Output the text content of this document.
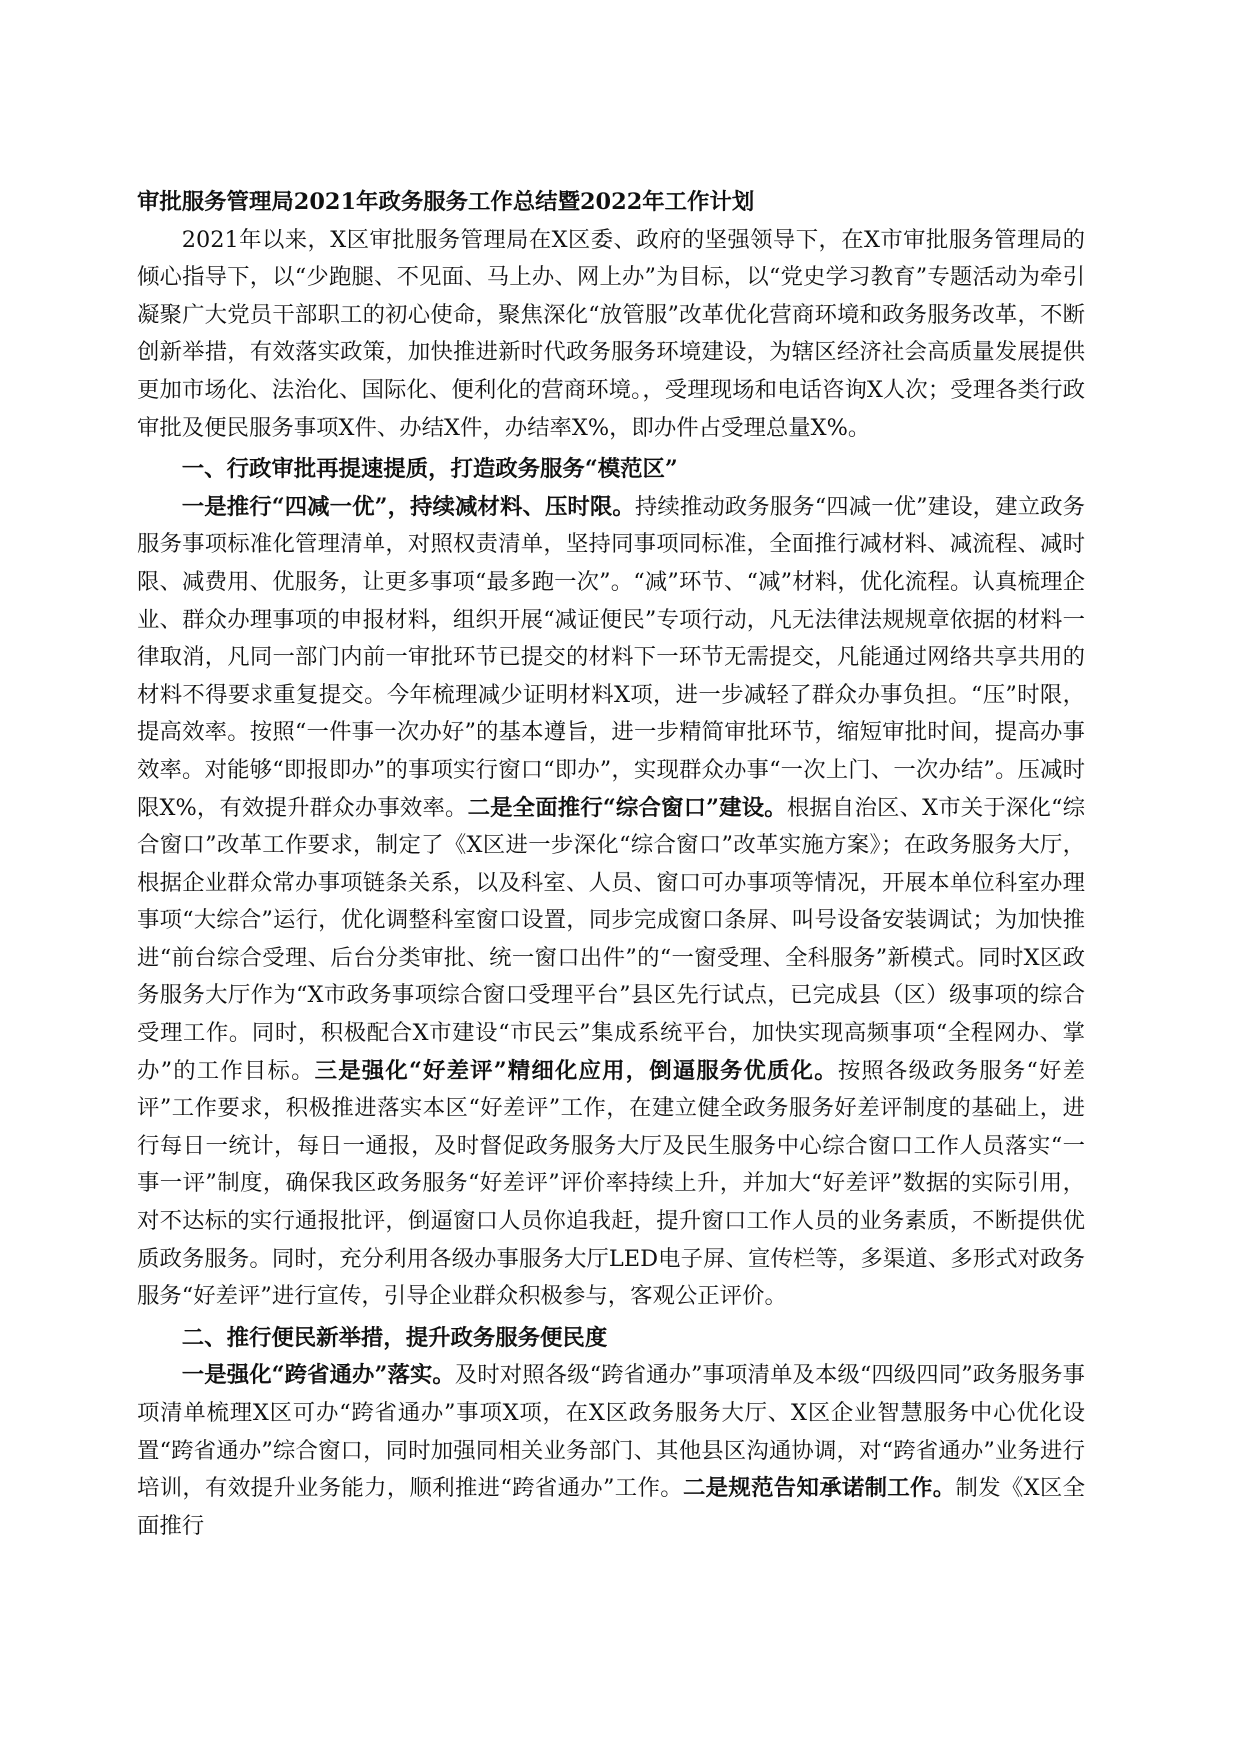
审批服务管理局2021年政务服务工作总结暨2022年工作计划

2021年以来，X区审批服务管理局在X区委、政府的坚强领导下，在X市审批服务管理局的倾心指导下，以“少跑腿、不见面、马上办、网上办”为目标，以“党史学习教育”专题活动为牵引凝聚广大党员干部职工的初心使命，聚焦深化“放管服”改革优化营商环境和政务服务改革，不断创新举措，有效落实政策，加快推进新时代政务服务环境建设，为辖区经济社会高质量发展提供更加市场化、法治化、国际化、便利化的营商环境。，受理现场和电话咨询X人次；受理各类行政审批及便民服务事项X件、办结X件，办结率X%，即办件占受理总量X%。

一、行政审批再提速提质，打造政务服务“模范区”

一是推行“四减一优”，持续减材料、压时限。持续推动政务服务“四减一优”建设，建立政务服务事项标准化管理清单，对照权责清单，坚持同事项同标准，全面推行减材料、减流程、减时限、减费用、优服务，让更多事项“最多跑一次”。“减”环节、“减”材料，优化流程。认真梳理企业、群众办理事项的申报材料，组织开展“减证便民”专项行动，凡无法律法规规章依据的材料一律取消，凡同一部门内前一审批环节已提交的材料下一环节无需提交，凡能通过网络共享共用的材料不得要求重复提交。今年梳理减少证明材料X项，进一步减轻了群众办事负担。“压”时限，提高效率。按照“一件事一次办好”的基本遵旨，进一步精简审批环节，缩短审批时间，提高办事效率。对能够“即报即办”的事项实行窗口“即办”，实现群众办事“一次上门、一次办结”。压减时限X%，有效提升群众办事效率。二是全面推行“综合窗口”建设。根据自治区、X市关于深化“综合窗口”改革工作要求，制定了《X区进一步深化“综合窗口”改革实施方案》；在政务服务大厅，根据企业群众常办事项链条关系，以及科室、人员、窗口可办事项等情况，开展本单位科室办理事项“大综合”运行，优化调整科室窗口设置，同步完成窗口条屏、叫号设备安装调试；为加快推进“前台综合受理、后台分类审批、统一窗口出件”的“一窗受理、全科服务”新模式。同时X区政务服务大厅作为“X市政务事项综合窗口受理平台”县区先行试点，已完成县（区）级事项的综合受理工作。同时，积极配合X市建设“市民云”集成系统平台，加快实现高频事项“全程网办、掌办”的工作目标。三是强化“好差评”精细化应用，倒逼服务优质化。按照各级政务服务“好差评”工作要求，积极推进落实本区“好差评”工作，在建立健全政务服务好差评制度的基础上，进行每日一统计，每日一通报，及时督促政务服务大厅及民生服务中心综合窗口工作人员落实“一事一评”制度，确保我区政务服务“好差评”评价率持续上升，并加大“好差评”数据的实际引用，对不达标的实行通报批评，倒逼窗口人员你追我赶，提升窗口工作人员的业务素质，不断提供优质政务服务。同时，充分利用各级办事服务大厅LED电子屏、宣传栏等，多渠道、多形式对政务服务“好差评”进行宣传，引导企业群众积极参与，客观公正评价。

二、推行便民新举措，提升政务服务便民度

一是强化“跨省通办”落实。及时对照各级“跨省通办”事项清单及本级“四级四同”政务服务事项清单梳理X区可办“跨省通办”事项X项，在X区政务服务大厅、X区企业智慧服务中心优化设置“跨省通办”综合窗口，同时加强同相关业务部门、其他县区沟通协调，对“跨省通办”业务进行培训，有效提升业务能力，顺利推进“跨省通办”工作。二是规范告知承诺制工作。制发《X区全面推行
